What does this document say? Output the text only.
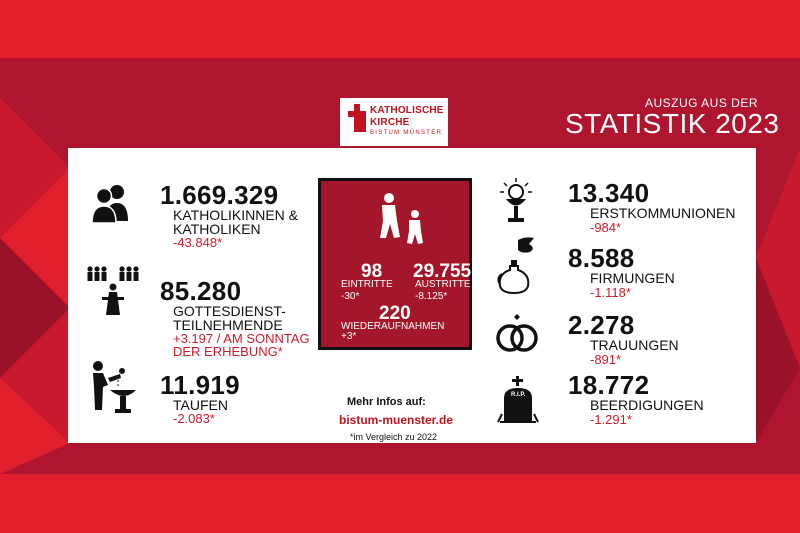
KATHOLISCHE
KIRCHE
BISTUM MÜNSTER
AUSZUG AUS DER
STATISTIK 2023
1.669.329
KATHOLIKINNEN &
KATHOLIKEN
-43.848*
85.280
GOTTESDIENST-
TEILNEHMENDE
+3.197 / AM SONNTAG
DER ERHEBUNG*
11.919
TAUFEN
-2.083*
98
EINTRITTE
-30*
29.755
AUSTRITTE
-8.125*
220
WIEDERAUFNAHMEN
+3*
Mehr Infos auf:
bistum-muenster.de
*im Vergleich zu 2022
13.340
ERSTKOMMUNIONEN
-984*
8.588
FIRMUNGEN
-1.118*
2.278
TRAUUNGEN
-891*
R.I.P. 18.772
BEERDIGUNGEN
-1.291*
